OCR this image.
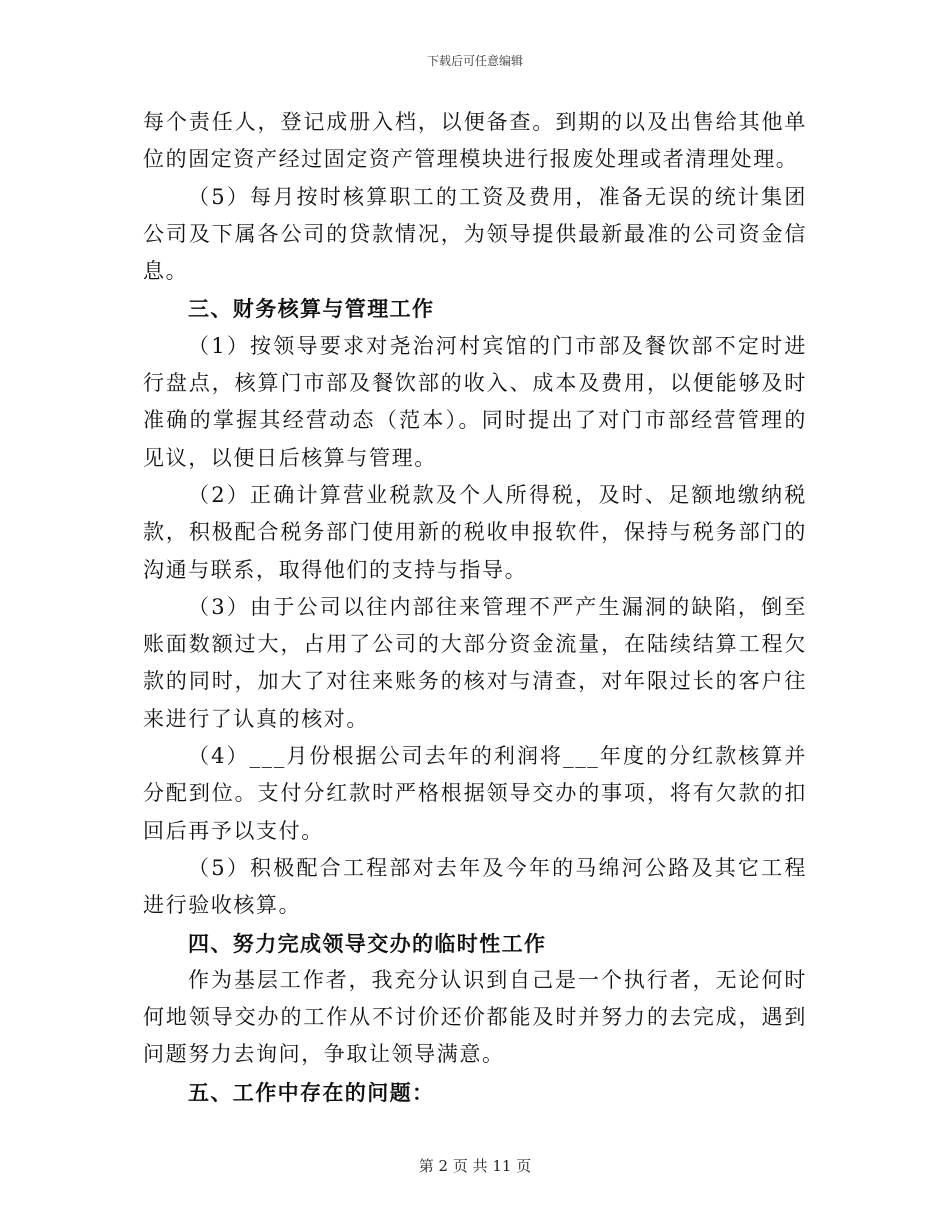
下载后可任意编辑

每个责任人，登记成册入档，以便备查。到期的以及出售给其他单位的固定资产经过固定资产管理模块进行报废处理或者清理处理。

（5）每月按时核算职工的工资及费用，准备无误的统计集团公司及下属各公司的贷款情况，为领导提供最新最准的公司资金信息。

三、财务核算与管理工作

（1）按领导要求对尧治河村宾馆的门市部及餐饮部不定时进行盘点，核算门市部及餐饮部的收入、成本及费用，以便能够及时准确的掌握其经营动态（范本）。同时提出了对门市部经营管理的见议，以便日后核算与管理。

（2）正确计算营业税款及个人所得税，及时、足额地缴纳税款，积极配合税务部门使用新的税收申报软件，保持与税务部门的沟通与联系，取得他们的支持与指导。

（3）由于公司以往内部往来管理不严产生漏洞的缺陷，倒至账面数额过大，占用了公司的大部分资金流量，在陆续结算工程欠款的同时，加大了对往来账务的核对与清查，对年限过长的客户往来进行了认真的核对。

（4）___月份根据公司去年的利润将___年度的分红款核算并分配到位。支付分红款时严格根据领导交办的事项，将有欠款的扣回后再予以支付。

（5）积极配合工程部对去年及今年的马绵河公路及其它工程进行验收核算。

四、努力完成领导交办的临时性工作

作为基层工作者，我充分认识到自己是一个执行者，无论何时何地领导交办的工作从不讨价还价都能及时并努力的去完成，遇到问题努力去询问，争取让领导满意。

五、工作中存在的问题：

第 2 页 共 11 页
